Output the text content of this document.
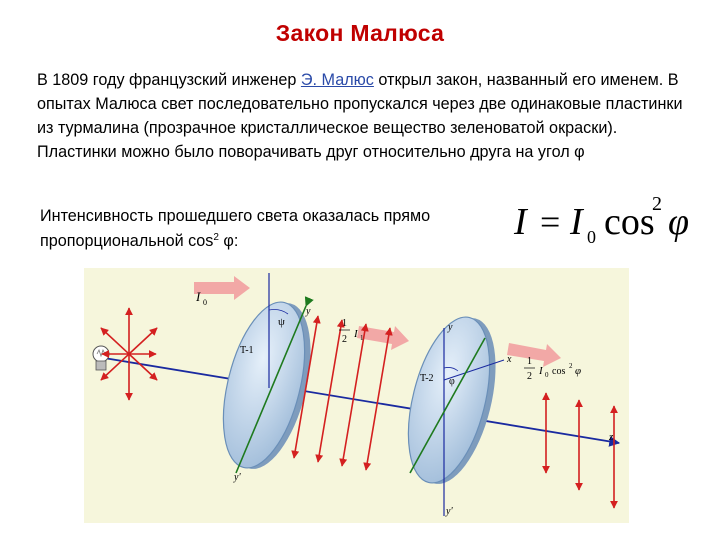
Закон Малюса
В 1809 году французский инженер Э. Малюс открыл закон, названный его именем. В опытах Малюса свет последовательно пропускался через две одинаковые пластинки из турмалина (прозрачное кристаллическое вещество зеленоватой окраски). Пластинки можно было поворачивать друг относительно друга на угол φ
Интенсивность прошедшего света оказалась прямо пропорциональной $\cos^2 \varphi$:	I = I 0 cos
2 φ
I 0
y
y'
ψ
T-1
1
2 I 1
y
y'
x
T-2 φ
1
2 I 0 cos 2 φ
z
